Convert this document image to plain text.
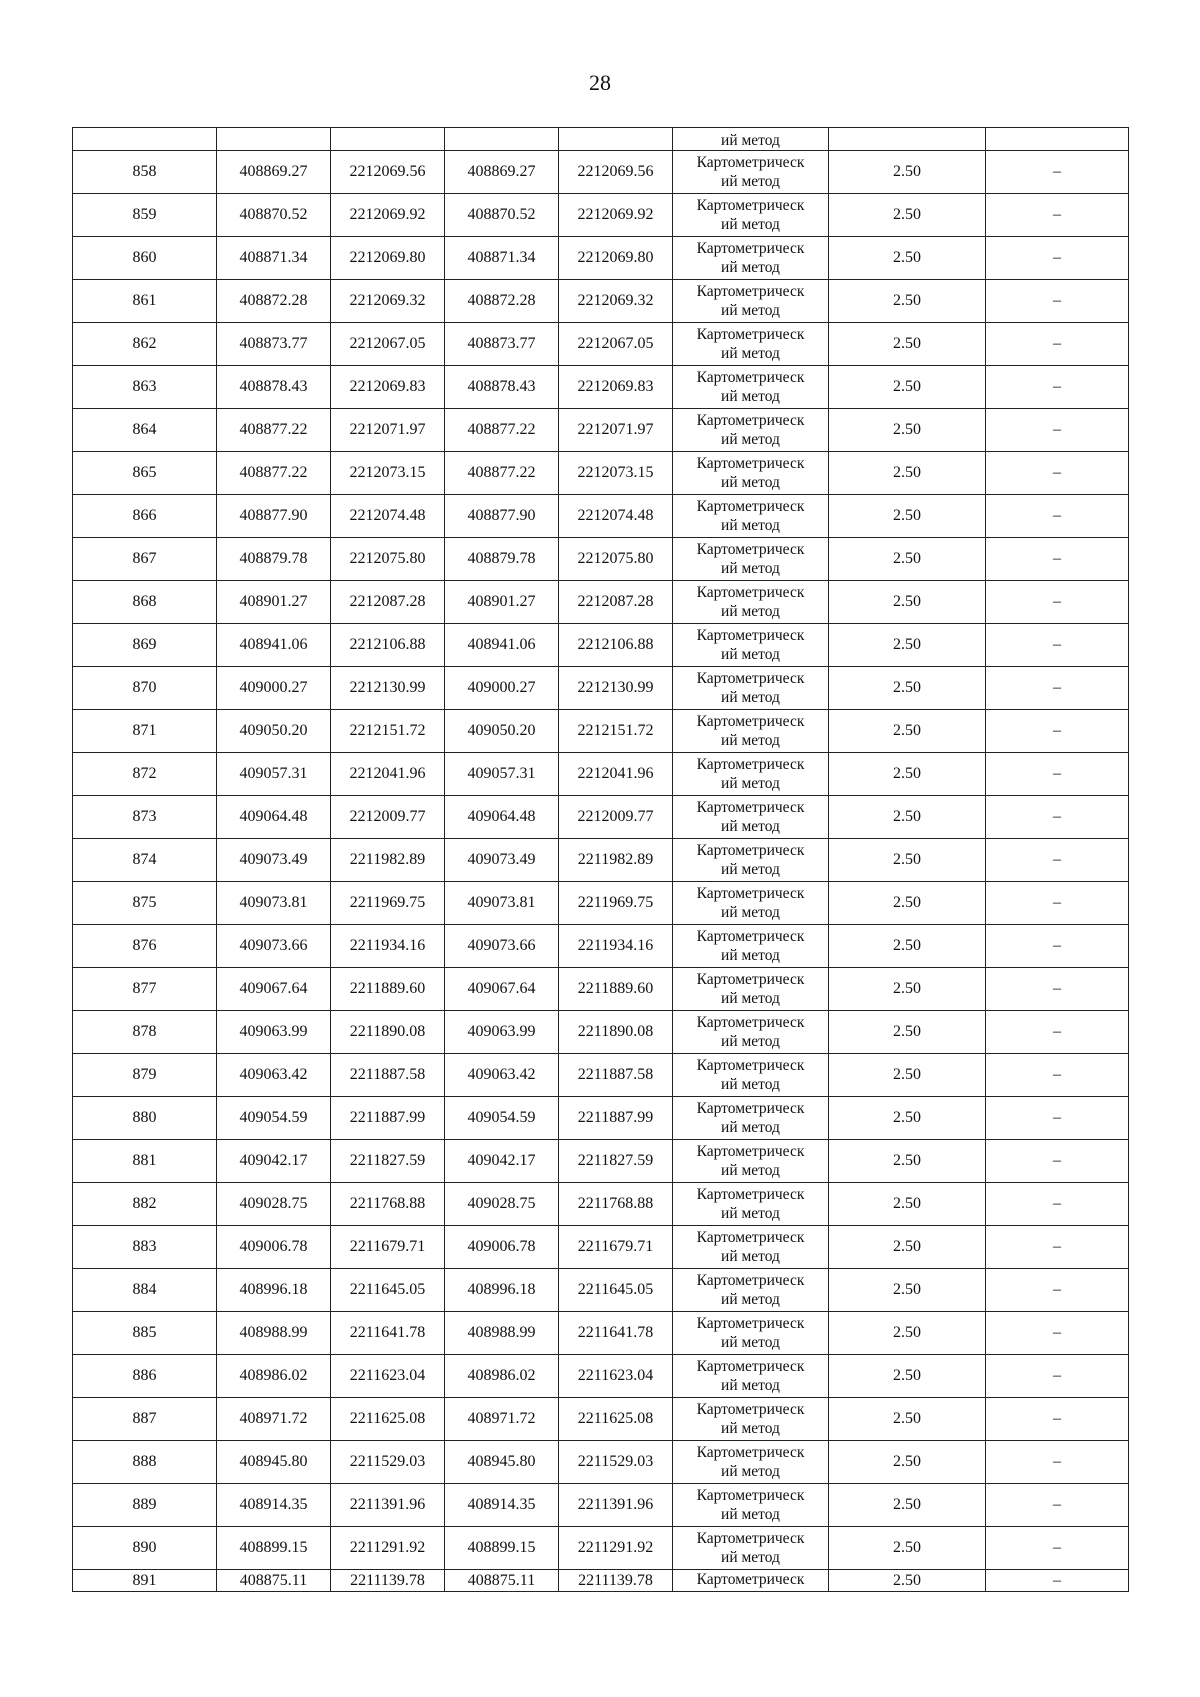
28
					ий метод		
858	408869.27	2212069.56	408869.27	2212069.56	Картометрическ
ий метод	2.50	–
859	408870.52	2212069.92	408870.52	2212069.92	Картометрическ
ий метод	2.50	–
860	408871.34	2212069.80	408871.34	2212069.80	Картометрическ
ий метод	2.50	–
861	408872.28	2212069.32	408872.28	2212069.32	Картометрическ
ий метод	2.50	–
862	408873.77	2212067.05	408873.77	2212067.05	Картометрическ
ий метод	2.50	–
863	408878.43	2212069.83	408878.43	2212069.83	Картометрическ
ий метод	2.50	–
864	408877.22	2212071.97	408877.22	2212071.97	Картометрическ
ий метод	2.50	–
865	408877.22	2212073.15	408877.22	2212073.15	Картометрическ
ий метод	2.50	–
866	408877.90	2212074.48	408877.90	2212074.48	Картометрическ
ий метод	2.50	–
867	408879.78	2212075.80	408879.78	2212075.80	Картометрическ
ий метод	2.50	–
868	408901.27	2212087.28	408901.27	2212087.28	Картометрическ
ий метод	2.50	–
869	408941.06	2212106.88	408941.06	2212106.88	Картометрическ
ий метод	2.50	–
870	409000.27	2212130.99	409000.27	2212130.99	Картометрическ
ий метод	2.50	–
871	409050.20	2212151.72	409050.20	2212151.72	Картометрическ
ий метод	2.50	–
872	409057.31	2212041.96	409057.31	2212041.96	Картометрическ
ий метод	2.50	–
873	409064.48	2212009.77	409064.48	2212009.77	Картометрическ
ий метод	2.50	–
874	409073.49	2211982.89	409073.49	2211982.89	Картометрическ
ий метод	2.50	–
875	409073.81	2211969.75	409073.81	2211969.75	Картометрическ
ий метод	2.50	–
876	409073.66	2211934.16	409073.66	2211934.16	Картометрическ
ий метод	2.50	–
877	409067.64	2211889.60	409067.64	2211889.60	Картометрическ
ий метод	2.50	–
878	409063.99	2211890.08	409063.99	2211890.08	Картометрическ
ий метод	2.50	–
879	409063.42	2211887.58	409063.42	2211887.58	Картометрическ
ий метод	2.50	–
880	409054.59	2211887.99	409054.59	2211887.99	Картометрическ
ий метод	2.50	–
881	409042.17	2211827.59	409042.17	2211827.59	Картометрическ
ий метод	2.50	–
882	409028.75	2211768.88	409028.75	2211768.88	Картометрическ
ий метод	2.50	–
883	409006.78	2211679.71	409006.78	2211679.71	Картометрическ
ий метод	2.50	–
884	408996.18	2211645.05	408996.18	2211645.05	Картометрическ
ий метод	2.50	–
885	408988.99	2211641.78	408988.99	2211641.78	Картометрическ
ий метод	2.50	–
886	408986.02	2211623.04	408986.02	2211623.04	Картометрическ
ий метод	2.50	–
887	408971.72	2211625.08	408971.72	2211625.08	Картометрическ
ий метод	2.50	–
888	408945.80	2211529.03	408945.80	2211529.03	Картометрическ
ий метод	2.50	–
889	408914.35	2211391.96	408914.35	2211391.96	Картометрическ
ий метод	2.50	–
890	408899.15	2211291.92	408899.15	2211291.92	Картометрическ
ий метод	2.50	–
891	408875.11	2211139.78	408875.11	2211139.78	Картометрическ	2.50	–
